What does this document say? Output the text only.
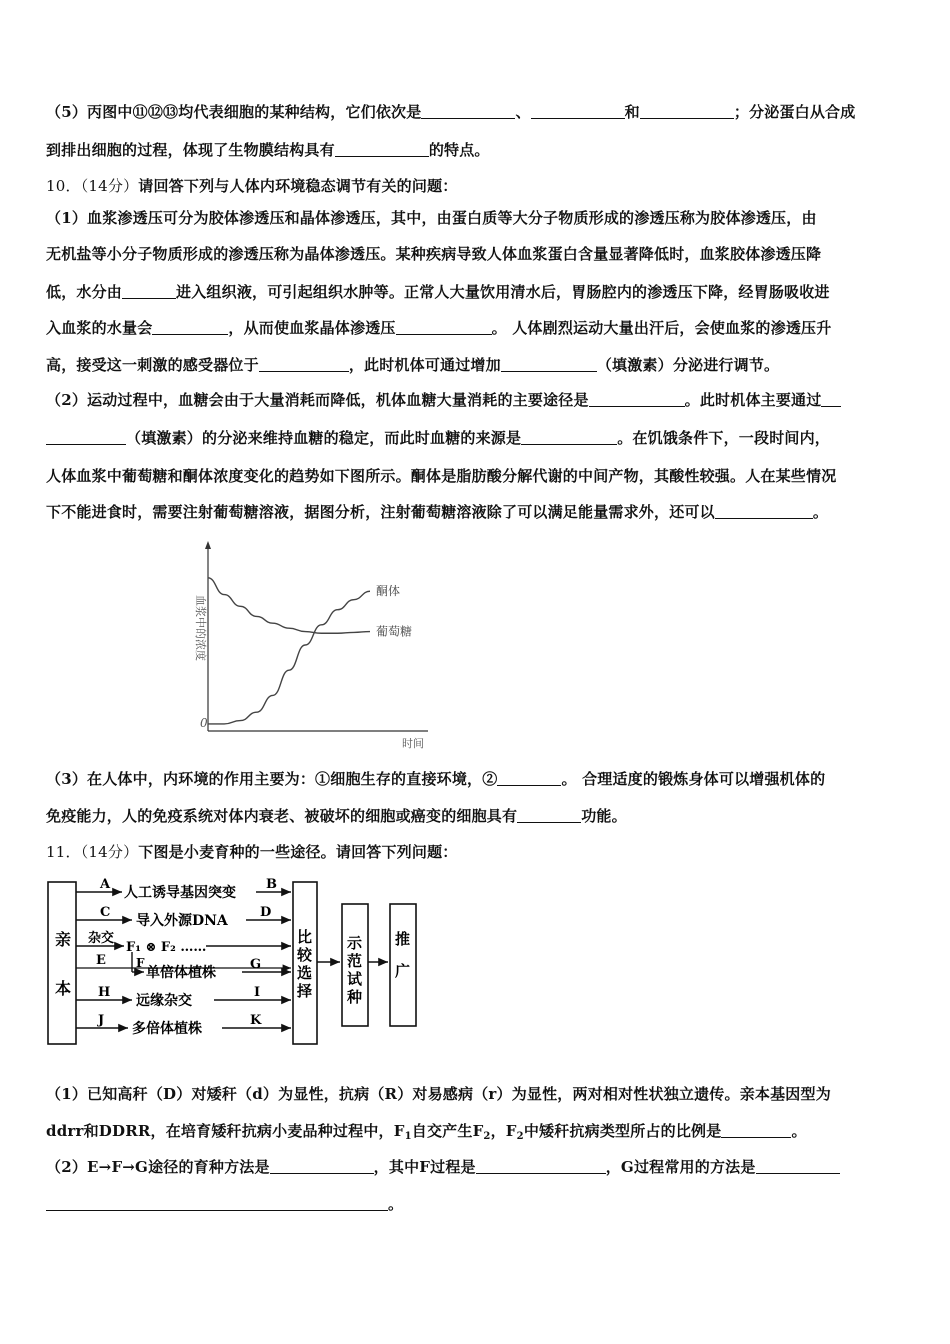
（5）丙图中⑪⑫⑬均代表细胞的某种结构，它们依次是	、	和	；分泌蛋白从合成
到排出细胞的过程，体现了生物膜结构具有	的特点。
10．（14分）请回答下列与人体内环境稳态调节有关的问题：
（1）血浆渗透压可分为胶体渗透压和晶体渗透压，其中，由蛋白质等大分子物质形成的渗透压称为胶体渗透压，由
无机盐等小分子物质形成的渗透压称为晶体渗透压。某种疾病导致人体血浆蛋白含量显著降低时，血浆胶体渗透压降
低，水分由	进入组织液，可引起组织水肿等。正常人大量饮用清水后，胃肠腔内的渗透压下降，经胃肠吸收进
入血浆的水量会	，从而使血浆晶体渗透压	。 人体剧烈运动大量出汗后，会使血浆的渗透压升
高，接受这一刺激的感受器位于	，此时机体可通过增加	（填激素）分泌进行调节。
（2）运动过程中，血糖会由于大量消耗而降低，机体血糖大量消耗的主要途径是	。此时机体主要通过
（填激素）的分泌来维持血糖的稳定，而此时血糖的来源是	。在饥饿条件下，一段时间内，
人体血浆中葡萄糖和酮体浓度变化的趋势如下图所示。酮体是脂肪酸分解代谢的中间产物，其酸性较强。人在某些情况
下不能进食时，需要注射葡萄糖溶液，据图分析，注射葡萄糖溶液除了可以满足能量需求外，还可以	。
0
时间
血浆中的浓度	葡萄糖
酮体
（3）在人体中，内环境的作用主要为：①细胞生存的直接环境，②	。 合理适度的锻炼身体可以增强机体的
免疫能力，人的免疫系统对体内衰老、被破坏的细胞或癌变的细胞具有	功能。
11．（14分）下图是小麦育种的一些途径。请回答下列问题：
亲
本
比
较
选
择
示
范
试
种
推
广
A
人工诱导基因突变
B
C
导入外源DNA
D
杂交
F₁ ⊗ F₂ ……
E	F
单倍体植株
G
H
远缘杂交
I
J
多倍体植株
K
（1）已知高秆（D）对矮秆（d）为显性，抗病（R）对易感病（r）为显性，两对相对性状独立遗传。亲本基因型为
ddrr和DDRR，在培育矮秆抗病小麦品种过程中，$F_1$自交产生$F_2$，$F_2$中矮秆抗病类型所占的比例是	。
（2）E→F→G途径的育种方法是	，其中F过程是	，G过程常用的方法是
。
